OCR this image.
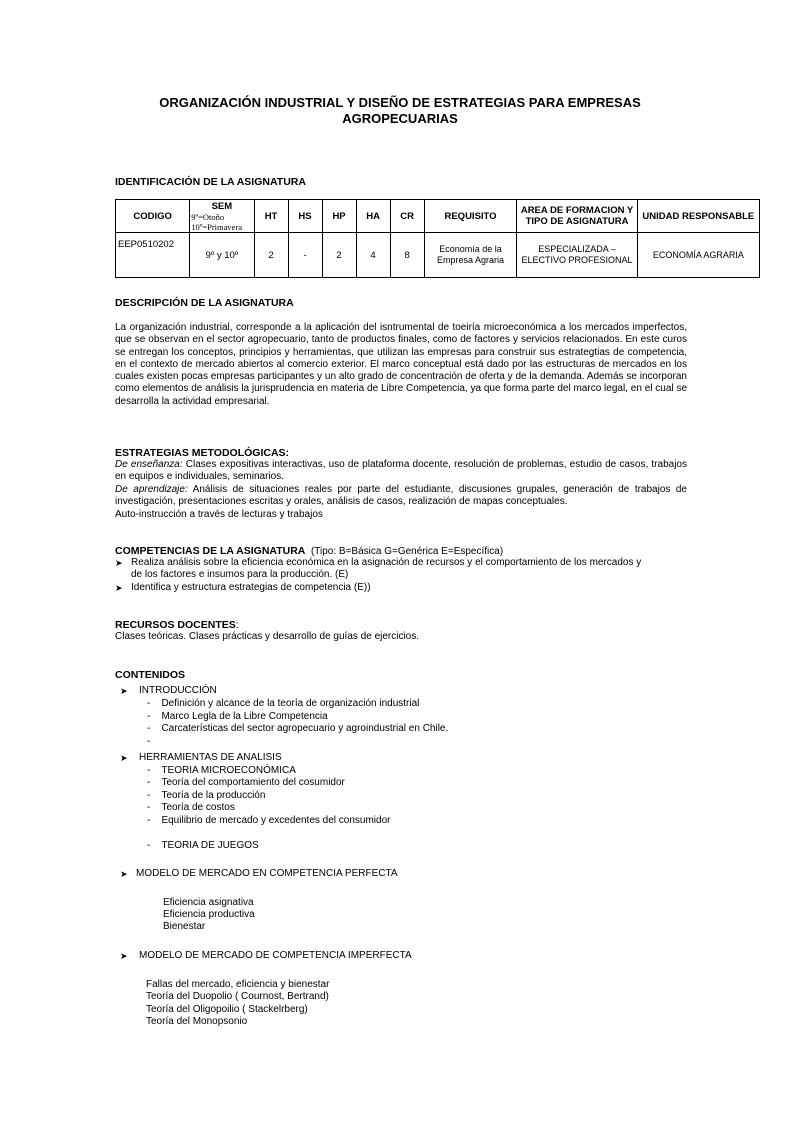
ORGANIZACIÓN INDUSTRIAL Y DISEÑO DE ESTRATEGIAS PARA EMPRESAS
AGROPECUARIAS
IDENTIFICACIÓN DE LA ASIGNATURA
CODIGO	SEM
9º=Otoño
10º=Primavera	HT	HS	HP	HA	CR	REQUISITO	AREA DE FORMACION Y TIPO DE ASIGNATURA	UNIDAD RESPONSABLE
EEP0510202	9º y 10º	2	-	2	4	8	Economía de la Empresa Agraria	ESPECIALIZADA – ELECTIVO PROFESIONAL	ECONOMÍA AGRARIA
DESCRIPCIÓN DE LA ASIGNATURA
La organización industrial, corresponde a la aplicación del isntrumental de toeiría microeconómica a los mercados imperfectos, que se observan en el sector agropecuario, tanto de productos finales, como de factores y servicios relacionados. En este curos se entregan los conceptos, principios y herramientas, que utilizan las empresas para construir sus estrategtias de competencia, en el contexto de mercado abiertos al comercio exterior. El marco conceptual está dado por las estructuras de mercados en los cuales existen pocas empresas participantes y un alto grado de concentración de oferta y de la demanda. Además se incorporan como elementos de análisis la jurisprudencia en materia de Libre Competencia, ya que forma parte del marco legal, en el cual se desarrolla la actividad empresarial.
ESTRATEGIAS METODOLÓGICAS:
De enseñanza: Clases expositivas interactivas, uso de plataforma docente, resolución de problemas, estudio de casos, trabajos en equipos e individuales, seminarios.
De aprendizaje: Análisis de situaciones reales por parte del estudiante, discusiones grupales, generación de trabajos de investigación, presentaciones escritas y orales, análisis de casos, realización de mapas conceptuales.
Auto-instrucción a través de lecturas y trabajos
COMPETENCIAS DE LA ASIGNATURA (Tipo: B=Básica G=Genérica E=Específica)
➤ Realiza análisis sobre la eficiencia económica en la asignación de recursos y el comportamiento de los mercados y
de los factores e insumos para la producción. (E)
➤ Identifica y estructura estrategias de competencia (E))
RECURSOS DOCENTES:
Clases teóricas. Clases prácticas y desarrollo de guías de ejercicios.
CONTENIDOS
➤ INTRODUCCIÓN
-    Definición y alcance de la teoría de organización industrial
-    Marco Legla de la Libre Competencia
-    Carcaterísticas del sector agropecuario y agroindustrial en Chile.
-
➤ HERRAMIENTAS DE ANALISIS
-    TEORIA MICROECONÓMICA
-    Teoría del comportamiento del cosumidor
-    Teoría de la producción
-    Teoría de costos
-    Equilibrio de mercado y excedentes del consumidor
-    TEORIA DE JUEGOS
➤ MODELO DE MERCADO EN COMPETENCIA PERFECTA
Eficiencia asignativa
Eficiencia productiva
Bienestar
➤ MODELO DE MERCADO DE COMPETENCIA IMPERFECTA
Fallas del mercado, eficiencia y bienestar
Teoría del Duopolio ( Cournost, Bertrand)
Teoría del Oligopoilio ( Stackelrberg)
Teoría del Monopsonio
